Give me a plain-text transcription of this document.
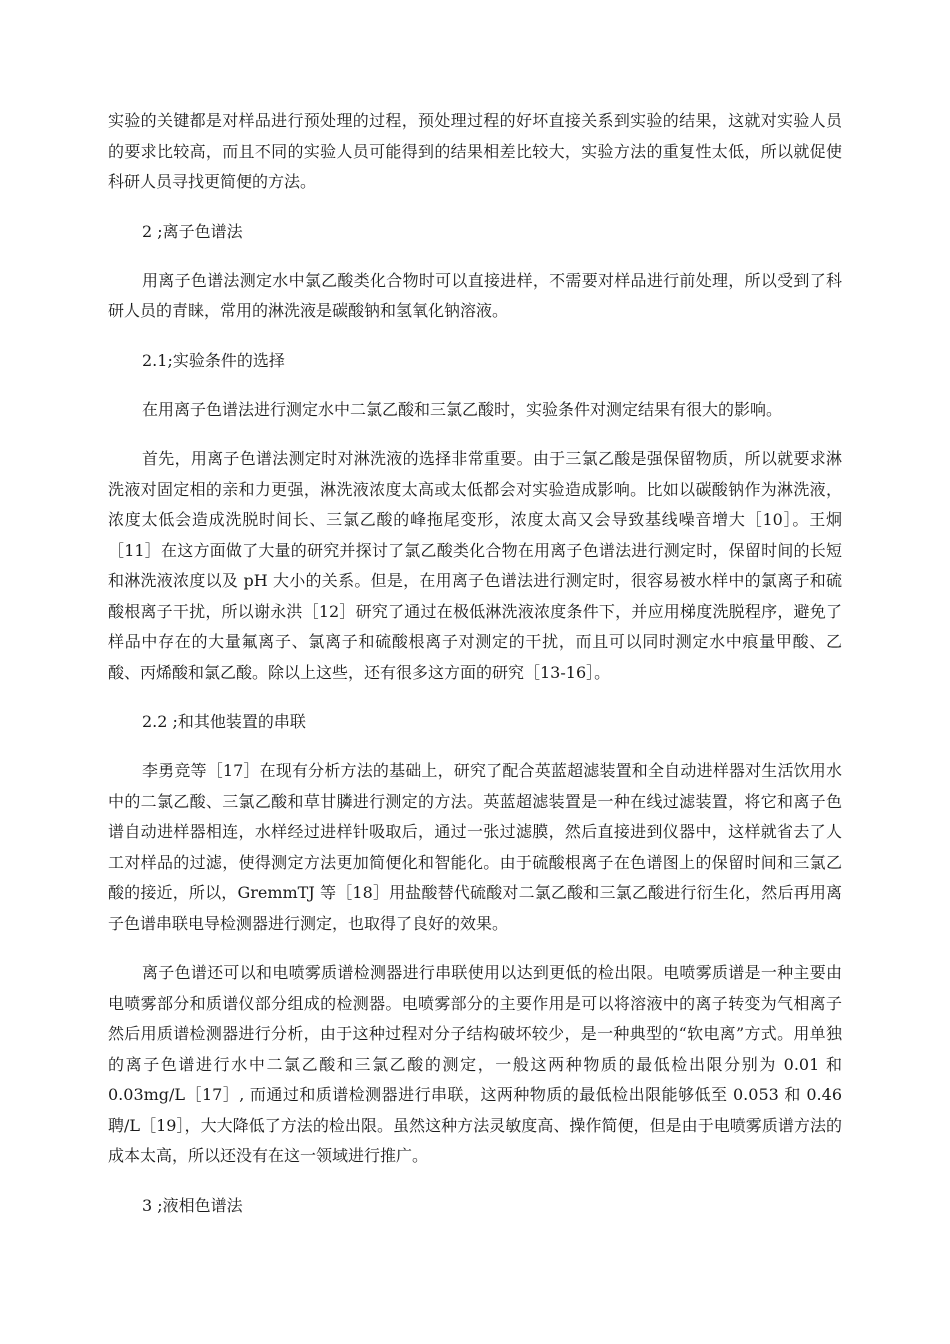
实验的关键都是对样品进行预处理的过程，预处理过程的好坏直接关系到实验的结果，这就对实验人员的要求比较高，而且不同的实验人员可能得到的结果相差比较大，实验方法的重复性太低，所以就促使科研人员寻找更简便的方法。

2 ;离子色谱法

用离子色谱法测定水中氯乙酸类化合物时可以直接进样，不需要对样品进行前处理，所以受到了科研人员的青睐，常用的淋洗液是碳酸钠和氢氧化钠溶液。

2.1;实验条件的选择

在用离子色谱法进行测定水中二氯乙酸和三氯乙酸时，实验条件对测定结果有很大的影响。

首先，用离子色谱法测定时对淋洗液的选择非常重要。由于三氯乙酸是强保留物质，所以就要求淋洗液对固定相的亲和力更强，淋洗液浓度太高或太低都会对实验造成影响。比如以碳酸钠作为淋洗液，浓度太低会造成洗脱时间长、三氯乙酸的峰拖尾变形，浓度太高又会导致基线噪音增大［10］。王炯［11］在这方面做了大量的研究并探讨了氯乙酸类化合物在用离子色谱法进行测定时，保留时间的长短和淋洗液浓度以及 pH 大小的关系。但是，在用离子色谱法进行测定时，很容易被水样中的氯离子和硫酸根离子干扰，所以谢永洪［12］研究了通过在极低淋洗液浓度条件下，并应用梯度洗脱程序，避免了样品中存在的大量氟离子、氯离子和硫酸根离子对测定的干扰，而且可以同时测定水中痕量甲酸、乙酸、丙烯酸和氯乙酸。除以上这些，还有很多这方面的研究［13-16］。

2.2 ;和其他装置的串联

李勇竞等［17］在现有分析方法的基础上，研究了配合英蓝超滤装置和全自动进样器对生活饮用水中的二氯乙酸、三氯乙酸和草甘膦进行测定的方法。英蓝超滤装置是一种在线过滤装置，将它和离子色谱自动进样器相连，水样经过进样针吸取后，通过一张过滤膜，然后直接进到仪器中，这样就省去了人工对样品的过滤，使得测定方法更加简便化和智能化。由于硫酸根离子在色谱图上的保留时间和三氯乙酸的接近，所以，GremmTJ 等［18］用盐酸替代硫酸对二氯乙酸和三氯乙酸进行衍生化，然后再用离子色谱串联电导检测器进行测定，也取得了良好的效果。

离子色谱还可以和电喷雾质谱检测器进行串联使用以达到更低的检出限。电喷雾质谱是一种主要由电喷雾部分和质谱仪部分组成的检测器。电喷雾部分的主要作用是可以将溶液中的离子转变为气相离子然后用质谱检测器进行分析，由于这种过程对分子结构破坏较少，是一种典型的“软电离”方式。用单独的离子色谱进行水中二氯乙酸和三氯乙酸的测定，一般这两种物质的最低检出限分别为 0.01 和 0.03mg/L［17］, 而通过和质谱检测器进行串联，这两种物质的最低检出限能够低至 0.053 和 0.46 聘/L［19］，大大降低了方法的检出限。虽然这种方法灵敏度高、操作简便，但是由于电喷雾质谱方法的成本太高，所以还没有在这一领域进行推广。

3 ;液相色谱法
